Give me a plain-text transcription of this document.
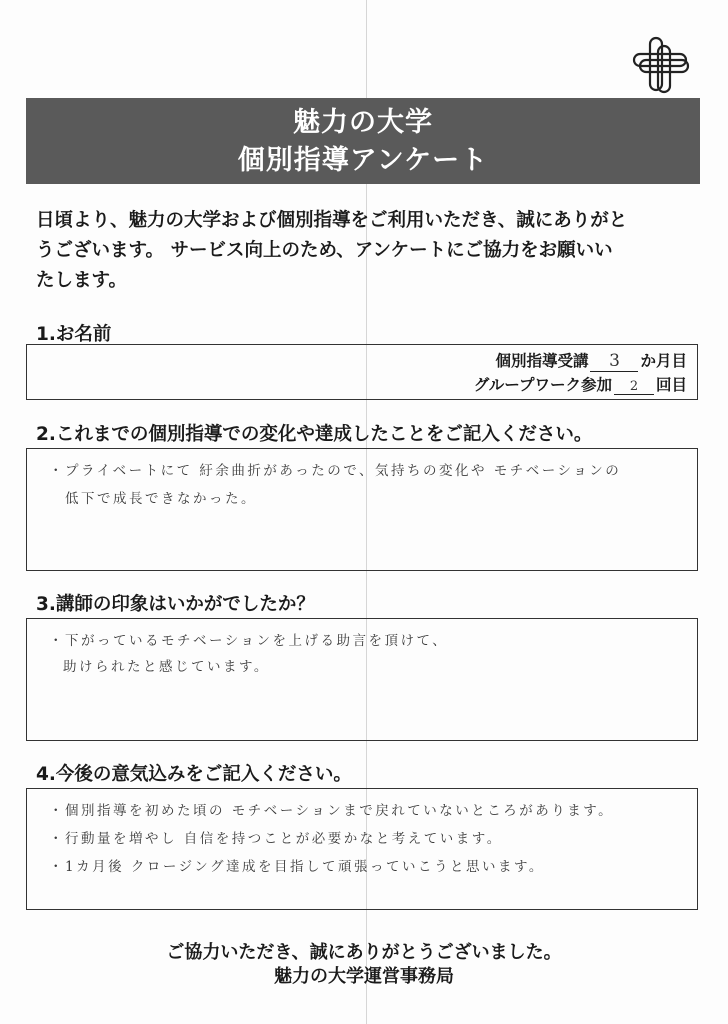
魅力の大学
個別指導アンケート
日頃より、魅力の大学および個別指導をご利用いただき、誠にありがと
うございます。 サービス向上のため、アンケートにご協力をお願いい
たします。
1.お名前
個別指導受講 3 か月目
グループワーク参加 2 回目
2.これまでの個別指導での変化や達成したことをご記入ください。
・プライベートにて 紆余曲折があったので、気持ちの変化や モチベーションの
低下で成長できなかった。
3.講師の印象はいかがでしたか？
・下がっているモチベーションを上げる助言を頂けて、
助けられたと感じています。
4.今後の意気込みをご記入ください。
・個別指導を初めた頃の モチベーションまで戻れていないところがあります。
・行動量を増やし 自信を持つことが必要かなと考えています。
・1カ月後 クロージング達成を目指して頑張っていこうと思います。
ご協力いただき、誠にありがとうございました。
魅力の大学運営事務局
